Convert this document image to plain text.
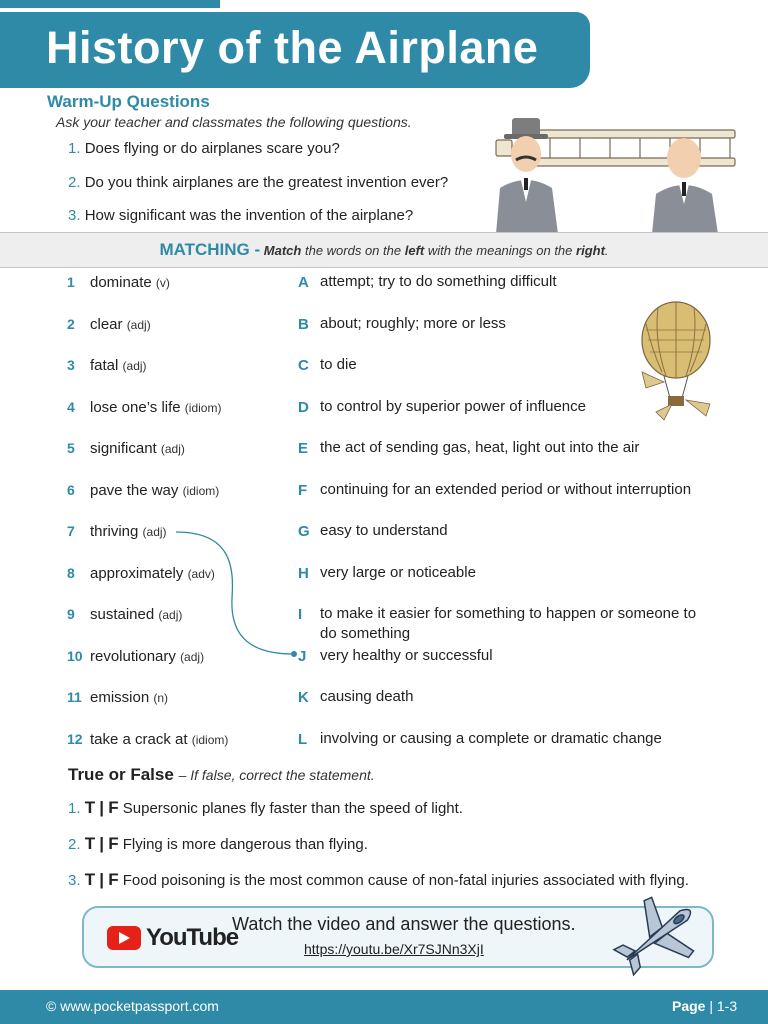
History of the Airplane
Warm-Up Questions
Ask your teacher and classmates the following questions.
1. Does flying or do airplanes scare you?
2. Do you think airplanes are the greatest invention ever?
3. How significant was the invention of the airplane?
MATCHING - Match the words on the left with the meanings on the right.
1 dominate (v)	A attempt; try to do something difficult
2 clear (adj)	B about; roughly; more or less
3 fatal (adj)	C to die
4 lose one’s life (idiom)	D to control by superior power of influence
5 significant (adj)	E the act of sending gas, heat, light out into the air
6 pave the way (idiom)	F continuing for an extended period or without interruption
7 thriving (adj)	G easy to understand
8 approximately (adv)	H very large or noticeable
9 sustained (adj)	I to make it easier for something to happen or someone to do something
10 revolutionary (adj)	J very healthy or successful
11 emission (n)	K causing death
12 take a crack at (idiom)	L involving or causing a complete or dramatic change
True or False – If false, correct the statement.
1. T | F Supersonic planes fly faster than the speed of light.
2. T | F Flying is more dangerous than flying.
3. T | F Food poisoning is the most common cause of non-fatal injuries associated with flying.
YouTube
Watch the video and answer the questions.
https://youtu.be/Xr7SJNn3XjI
© www.pocketpassport.com	Page | 1-3
